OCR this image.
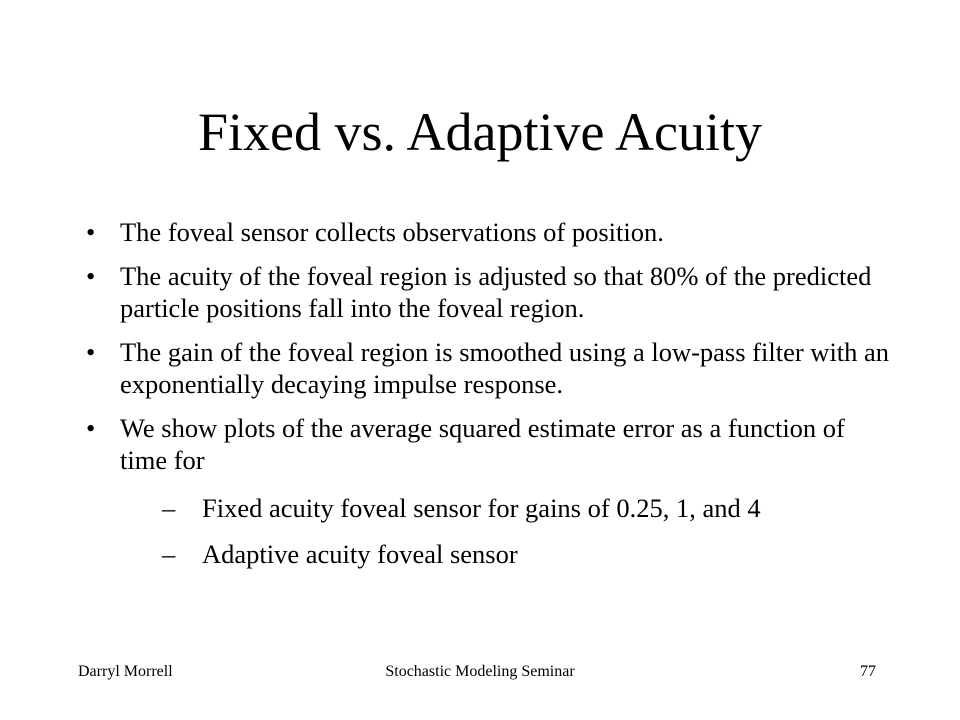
Fixed vs. Adaptive Acuity
• The foveal sensor collects observations of position.
• The acuity of the foveal region is adjusted so that 80% of the predicted particle positions fall into the foveal region.
• The gain of the foveal region is smoothed using a low-pass filter with an exponentially decaying impulse response.
• We show plots of the average squared estimate error as a function of time for
– Fixed acuity foveal sensor for gains of 0.25, 1, and 4
– Adaptive acuity foveal sensor
Stochastic Modeling Seminar
Darryl Morrell	77
